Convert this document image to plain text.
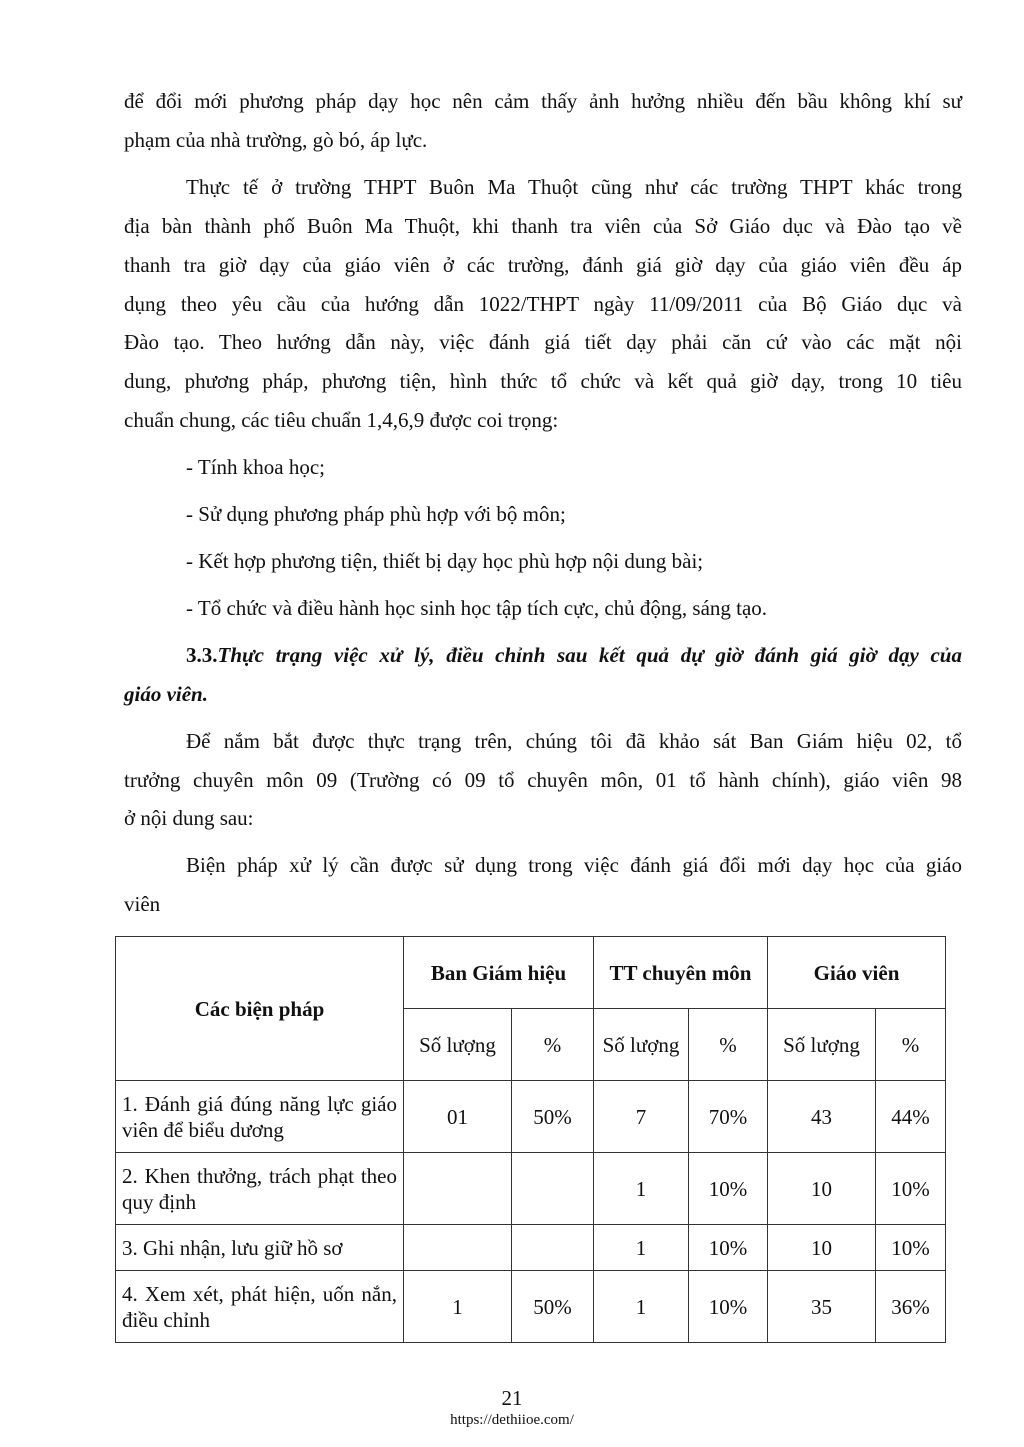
để đổi mới phương pháp dạy học nên cảm thấy ảnh hưởng nhiều đến bầu không khí sư
phạm của nhà trường, gò bó, áp lực.
Thực tế ở trường THPT Buôn Ma Thuột cũng như các trường THPT khác trong
địa bàn thành phố Buôn Ma Thuột, khi thanh tra viên của Sở Giáo dục và Đào tạo về
thanh tra giờ dạy của giáo viên ở các trường, đánh giá giờ dạy của giáo viên đều áp
dụng theo yêu cầu của hướng dẫn 1022/THPT ngày 11/09/2011 của Bộ Giáo dục và
Đào tạo. Theo hướng dẫn này, việc đánh giá tiết dạy phải căn cứ vào các mặt nội
dung, phương pháp, phương tiện, hình thức tổ chức và kết quả giờ dạy, trong 10 tiêu
chuẩn chung, các tiêu chuẩn 1,4,6,9 được coi trọng:
- Tính khoa học;
- Sử dụng phương pháp phù hợp với bộ môn;
- Kết hợp phương tiện, thiết bị dạy học phù hợp nội dung bài;
- Tổ chức và điều hành học sinh học tập tích cực, chủ động, sáng tạo.
3.3.Thực trạng việc xử lý, điều chỉnh sau kết quả dự giờ đánh giá giờ dạy của
giáo viên.
Để nắm bắt được thực trạng trên, chúng tôi đã khảo sát Ban Giám hiệu 02, tổ
trưởng chuyên môn 09 (Trường có 09 tổ chuyên môn, 01 tổ hành chính), giáo viên 98
ở nội dung sau:
Biện pháp xử lý cần được sử dụng trong việc đánh giá đổi mới dạy học của giáo
viên
Các biện pháp	Ban Giám hiệu		TT chuyên môn		Giáo viên	
	Số lượng	%	Số lượng	%	Số lượng	%
1. Đánh giá đúng năng lực giáo viên để biểu dương	01	50%	7	70%	43	44%
2. Khen thưởng, trách phạt theo quy định			1	10%	10	10%
3. Ghi nhận, lưu giữ hồ sơ			1	10%	10	10%
4. Xem xét, phát hiện, uốn nắn, điều chỉnh	1	50%	1	10%	35	36%
21
https://dethiioe.com/
